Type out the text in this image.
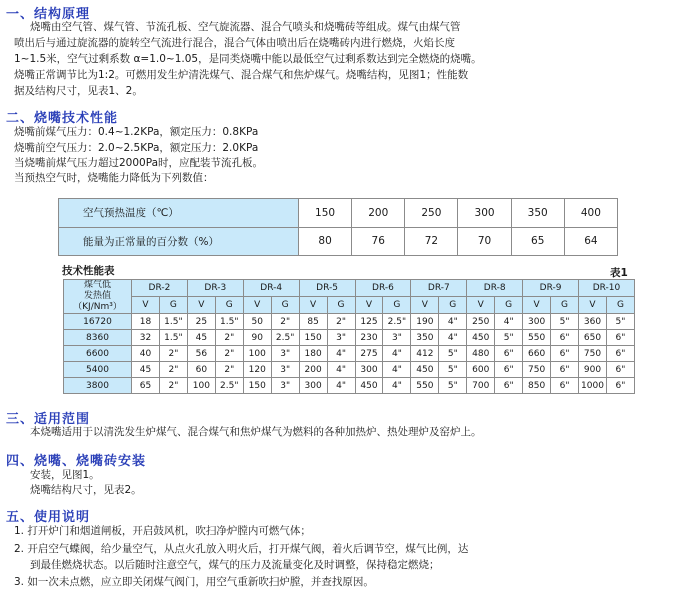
一、结构原理
烧嘴由空气管、煤气管、节流孔板、空气旋流器、混合气喷头和烧嘴砖等组成。煤气由煤气管
喷出后与通过旋流器的旋转空气流进行混合，混合气体由喷出后在烧嘴砖内进行燃烧，火焰长度
1~1.5米，空气过剩系数 α=1.0~1.05，是同类烧嘴中能以最低空气过剩系数达到完全燃烧的烧嘴。
烧嘴正常调节比为1:2。可燃用发生炉清洗煤气、混合煤气和焦炉煤气。烧嘴结构，见图1；性能数
据及结构尺寸，见表1、2。
二、烧嘴技术性能
烧嘴前煤气压力：0.4~1.2KPa，额定压力：0.8KPa
烧嘴前空气压力：2.0~2.5KPa，额定压力：2.0KPa
当烧嘴前煤气压力超过2000Pa时，应配装节流孔板。
当预热空气时，烧嘴能力降低为下列数值：
空气预热温度（℃）	150	200	250	300	350	400
能量为正常量的百分数（%）	80	76	72	70	65	64
技术性能表	表1
煤气低
发热值
（KJ/Nm³）	DR-2		DR-3		DR-4		DR-5		DR-6		DR-7		DR-8		DR-9		DR-10	
	V	G	V	G	V	G	V	G	V	G	V	G	V	G	V	G	V	G
16720	18	1.5"	25	1.5"	50	2"	85	2"	125	2.5"	190	4"	250	4"	300	5"	360	5"
8360	32	1.5"	45	2"	90	2.5"	150	3"	230	3"	350	4"	450	5"	550	6"	650	6"
6600	40	2"	56	2"	100	3"	180	4"	275	4"	412	5"	480	6"	660	6"	750	6"
5400	45	2"	60	2"	120	3"	200	4"	300	4"	450	5"	600	6"	750	6"	900	6"
3800	65	2"	100	2.5"	150	3"	300	4"	450	4"	550	5"	700	6"	850	6"	1000	6"
三、适用范围
本烧嘴适用于以清洗发生炉煤气、混合煤气和焦炉煤气为燃料的各种加热炉、热处理炉及窑炉上。
四、烧嘴、烧嘴砖安装
安装，见图1。
烧嘴结构尺寸，见表2。
五、使用说明
1. 打开炉门和烟道闸板，开启鼓风机，吹扫净炉膛内可燃气体；
2. 开启空气蝶阀，给少量空气，从点火孔放入明火后，打开煤气阀，着火后调节空，煤气比例，达
到最佳燃烧状态。以后随时注意空气，煤气的压力及流量变化及时调整，保持稳定燃烧；
3. 如一次未点燃，应立即关闭煤气阀门，用空气重新吹扫炉膛，并查找原因。
